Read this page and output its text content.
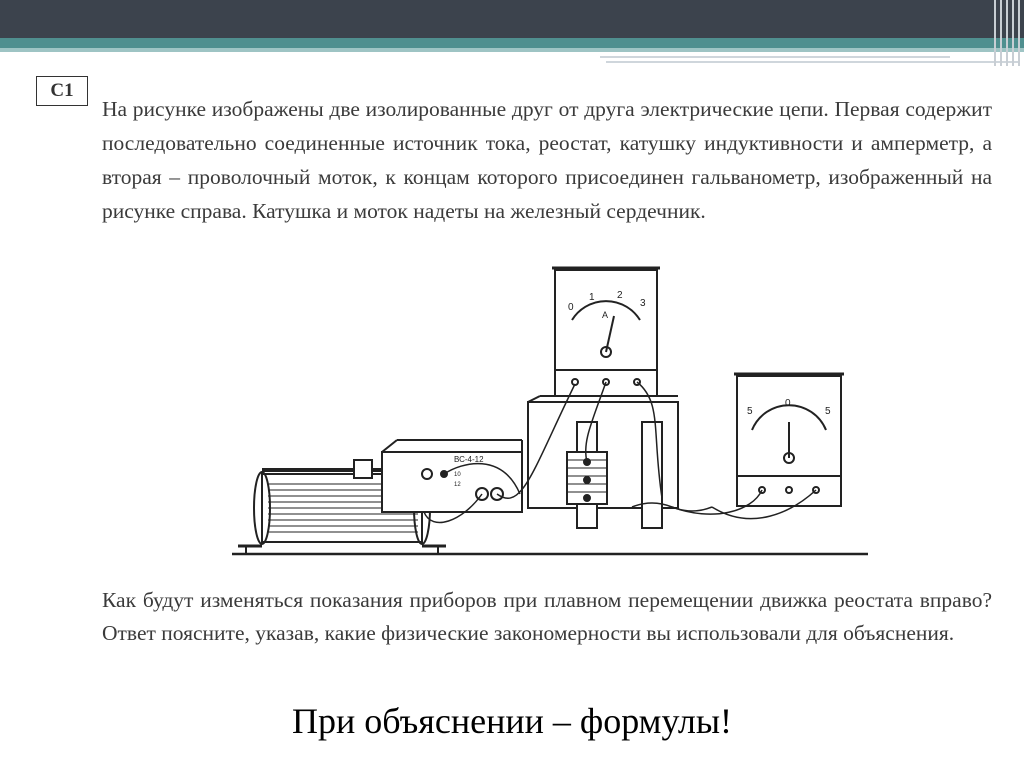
С1
На рисунке изображены две изолированные друг от друга электрические цепи. Первая содержит последовательно соединенные источник тока, реостат, катушку индуктивности и амперметр, а вторая – проволочный моток, к концам которого присоединен гальванометр, изображенный на рисунке справа. Катушка и моток надеты на железный сердечник.
ВС-4-12
10
12
0
1 2
3
A
5
0
5
Как будут изменяться показания приборов при плавном перемещении движка реостата вправо? Ответ поясните, указав, какие физические закономерности вы использовали для объяснения.
При объяснении – формулы!
